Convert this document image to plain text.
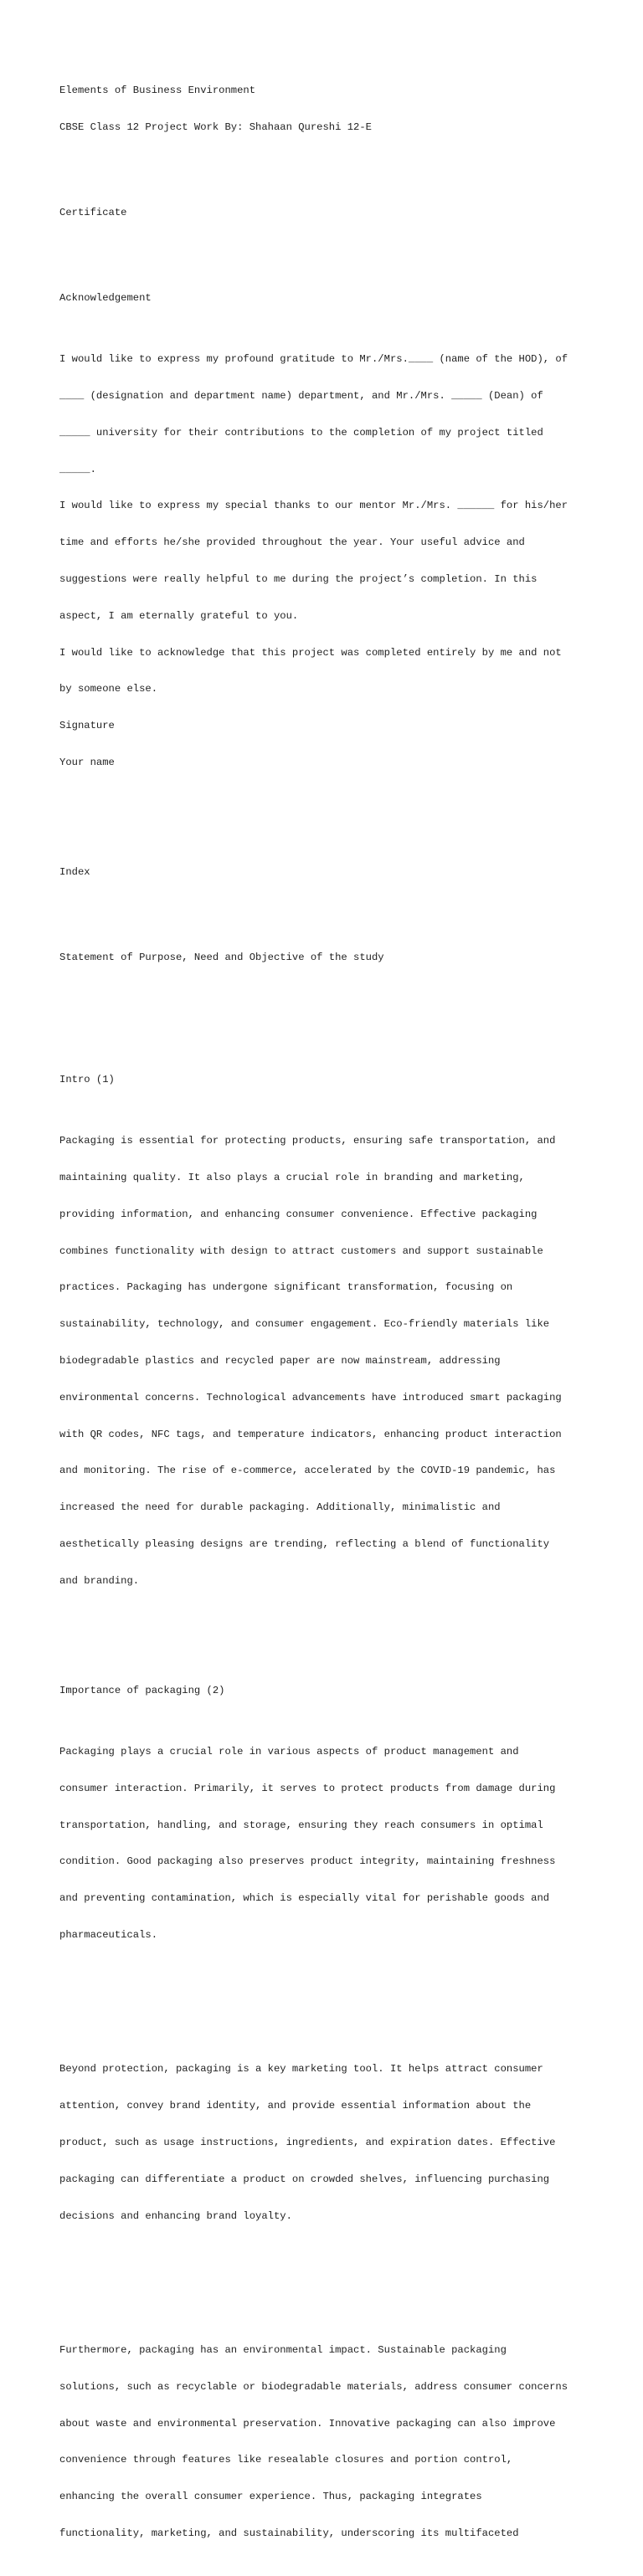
Elements of Business Environment

CBSE Class 12 Project Work By: Shahaan Qureshi 12-E

Certificate

Acknowledgement

I would like to express my profound gratitude to Mr./Mrs.____ (name of the HOD), of

____ (designation and department name) department, and Mr./Mrs. _____ (Dean) of

_____ university for their contributions to the completion of my project titled

_____.

I would like to express my special thanks to our mentor Mr./Mrs. ______ for his/her

time and efforts he/she provided throughout the year. Your useful advice and

suggestions were really helpful to me during the project’s completion. In this

aspect, I am eternally grateful to you.

I would like to acknowledge that this project was completed entirely by me and not

by someone else.

Signature

Your name

Index

Statement of Purpose, Need and Objective of the study

Intro (1)

Packaging is essential for protecting products, ensuring safe transportation, and

maintaining quality. It also plays a crucial role in branding and marketing,

providing information, and enhancing consumer convenience. Effective packaging

combines functionality with design to attract customers and support sustainable

practices. Packaging has undergone significant transformation, focusing on

sustainability, technology, and consumer engagement. Eco-friendly materials like

biodegradable plastics and recycled paper are now mainstream, addressing

environmental concerns. Technological advancements have introduced smart packaging

with QR codes, NFC tags, and temperature indicators, enhancing product interaction

and monitoring. The rise of e-commerce, accelerated by the COVID-19 pandemic, has

increased the need for durable packaging. Additionally, minimalistic and

aesthetically pleasing designs are trending, reflecting a blend of functionality

and branding.

Importance of packaging (2)

Packaging plays a crucial role in various aspects of product management and

consumer interaction. Primarily, it serves to protect products from damage during

transportation, handling, and storage, ensuring they reach consumers in optimal

condition. Good packaging also preserves product integrity, maintaining freshness

and preventing contamination, which is especially vital for perishable goods and

pharmaceuticals.

Beyond protection, packaging is a key marketing tool. It helps attract consumer

attention, convey brand identity, and provide essential information about the

product, such as usage instructions, ingredients, and expiration dates. Effective

packaging can differentiate a product on crowded shelves, influencing purchasing

decisions and enhancing brand loyalty.

Furthermore, packaging has an environmental impact. Sustainable packaging

solutions, such as recyclable or biodegradable materials, address consumer concerns

about waste and environmental preservation. Innovative packaging can also improve

convenience through features like resealable closures and portion control,

enhancing the overall consumer experience. Thus, packaging integrates

functionality, marketing, and sustainability, underscoring its multifaceted
